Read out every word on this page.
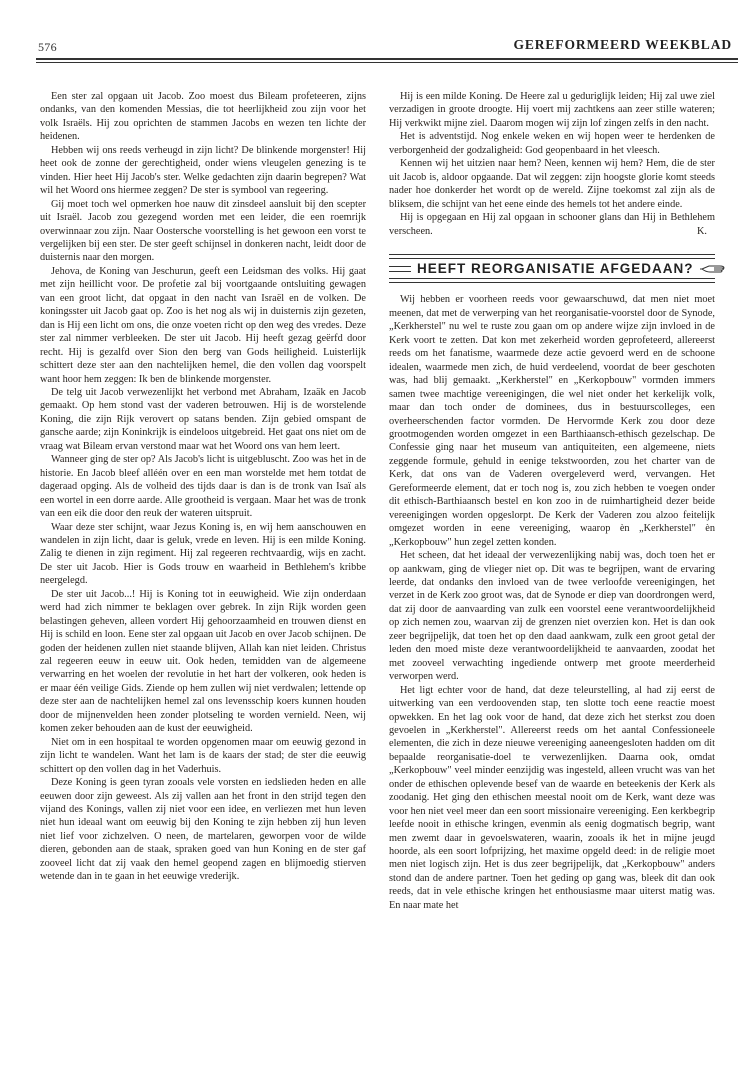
576	GEREFORMEERD WEEKBLAD

Een ster zal opgaan uit Jacob. Zoo moest dus Bileam profeteeren, zijns ondanks, van den komenden Messias, die tot heerlijkheid zou zijn voor het volk Israëls. Hij zou oprichten de stammen Jacobs en wezen ten lichte der heidenen.

Hebben wij ons reeds verheugd in zijn licht? De blinkende morgenster! Hij heet ook de zonne der gerechtigheid, onder wiens vleugelen genezing is te vinden. Hier heet Hij Jacob's ster. Welke gedachten zijn daarin begrepen? Wat wil het Woord ons hiermee zeggen? De ster is symbool van regeering.

Gij moet toch wel opmerken hoe nauw dit zinsdeel aansluit bij den scepter uit Israël. Jacob zou gezegend worden met een leider, die een roemrijk overwinnaar zou zijn. Naar Oostersche voorstelling is het gewoon een vorst te vergelijken bij een ster. De ster geeft schijnsel in donkeren nacht, leidt door de duisternis naar den morgen.

Jehova, de Koning van Jeschurun, geeft een Leidsman des volks. Hij gaat met zijn heillicht voor. De profetie zal bij voortgaande ontsluiting gewagen van een groot licht, dat opgaat in den nacht van Israël en de volken. De koningsster uit Jacob gaat op. Zoo is het nog als wij in duisternis zijn gezeten, dan is Hij een licht om ons, die onze voeten richt op den weg des vredes. Deze ster zal nimmer verbleeken. De ster uit Jacob. Hij heeft gezag geërfd door recht. Hij is gezalfd over Sion den berg van Gods heiligheid. Luisterlijk schittert deze ster aan den nachtelijken hemel, die den vollen dag voorspelt want hoor hem zeggen: Ik ben de blinkende morgenster.

De telg uit Jacob verwezenlijkt het verbond met Abraham, Izaäk en Jacob gemaakt. Op hem stond vast der vaderen betrouwen. Hij is de worstelende Koning, die zijn Rijk verovert op satans benden. Zijn gebied omspant de gansche aarde; zijn Koninkrijk is eindeloos uitgebreid. Het gaat ons niet om de vraag wat Bileam ervan verstond maar wat het Woord ons van hem leert.

Wanneer ging de ster op? Als Jacob's licht is uitgebluscht. Zoo was het in de historie. En Jacob bleef alléén over en een man worstelde met hem totdat de dageraad opging. Als de volheid des tijds daar is dan is de tronk van Isaï als een wortel in een dorre aarde. Alle grootheid is vergaan. Maar het was de tronk van een eik die door den reuk der wateren uitspruit.

Waar deze ster schijnt, waar Jezus Koning is, en wij hem aanschouwen en wandelen in zijn licht, daar is geluk, vrede en leven. Hij is een milde Koning. Zalig te dienen in zijn regiment. Hij zal regeeren rechtvaardig, wijs en zacht. De ster uit Jacob. Hier is Gods trouw en waarheid in Bethlehem's kribbe neergelegd.

De ster uit Jacob...! Hij is Koning tot in eeuwigheid. Wie zijn onderdaan werd had zich nimmer te beklagen over gebrek. In zijn Rijk worden geen belastingen geheven, alleen vordert Hij gehoorzaamheid en trouwen dienst en Hij is schild en loon. Eene ster zal opgaan uit Jacob en over Jacob schijnen. De goden der heidenen zullen niet staande blijven, Allah kan niet leiden. Christus zal regeeren eeuw in eeuw uit. Ook heden, temidden van de algemeene verwarring en het woelen der revolutie in het hart der volkeren, ook heden is er maar één veilige Gids. Ziende op hem zullen wij niet verdwalen; lettende op deze ster aan de nachtelijken hemel zal ons levensschip koers kunnen houden door de mijnenvelden heen zonder plotseling te worden vernield. Neen, wij komen zeker behouden aan de kust der eeuwigheid.

Niet om in een hospitaal te worden opgenomen maar om eeuwig gezond in zijn licht te wandelen. Want het lam is de kaars der stad; de ster die eeuwig schittert op den vollen dag in het Vaderhuis.

Deze Koning is geen tyran zooals vele vorsten en iedslieden heden en alle eeuwen door zijn geweest. Als zij vallen aan het front in den strijd tegen den vijand des Konings, vallen zij niet voor een idee, en verliezen met hun leven niet hun ideaal want om eeuwig bij den Koning te zijn hebben zij hun leven niet lief voor zichzelven. O neen, de martelaren, geworpen voor de wilde dieren, gebonden aan de staak, spraken goed van hun Koning en de ster gaf zooveel licht dat zij vaak den hemel geopend zagen en blijmoedig stierven wetende dan in te gaan in het eeuwige vrederijk.

Hij is een milde Koning. De Heere zal u geduriglijk leiden; Hij zal uwe ziel verzadigen in groote droogte. Hij voert mij zachtkens aan zeer stille wateren; Hij verkwikt mijne ziel. Daarom mogen wij zijn lof zingen zelfs in den nacht.

Het is adventstijd. Nog enkele weken en wij hopen weer te herdenken de verborgenheid der godzaligheid: God geopenbaard in het vleesch.

Kennen wij het uitzien naar hem? Neen, kennen wij hem? Hem, die de ster uit Jacob is, aldoor opgaande. Dat wil zeggen: zijn hoogste glorie komt steeds nader hoe donkerder het wordt op de wereld. Zijne toekomst zal zijn als de bliksem, die schijnt van het eene einde des hemels tot het andere einde.

Hij is opgegaan en Hij zal opgaan in schooner glans dan Hij in Bethlehem verscheen.	K.

HEEFT REORGANISATIE AFGEDAAN?

Wij hebben er voorheen reeds voor gewaarschuwd, dat men niet moet meenen, dat met de verwerping van het reorganisatie-voorstel door de Synode, „Kerkherstel" nu wel te ruste zou gaan om op andere wijze zijn invloed in de Kerk voort te zetten. Dat kon met zekerheid worden geprofeteerd, allereerst reeds om het fanatisme, waarmede deze actie gevoerd werd en de schoone idealen, waarmede men zich, de huid verdeelend, voordat de beer geschoten was, had blij gemaakt. „Kerkherstel" en „Kerkopbouw" vormden immers samen twee machtige vereenigingen, die wel niet onder het kerkelijk volk, maar dan toch onder de dominees, dus in bestuurscolleges, een overheerschenden factor vormden. De Hervormde Kerk zou door deze grootmogenden worden omgezet in een Barthiaansch-ethisch gezelschap. De Confessie ging naar het museum van antiquiteiten, een algemeene, niets zeggende formule, gehuld in eenige tekstwoorden, zou het charter van de Kerk, dat ons van de Vaderen overgeleverd werd, vervangen. Het Gereformeerde element, dat er toch nog is, zou zich hebben te voegen onder dit ethisch-Barthiaansch bestel en kon zoo in de ruimhartigheid dezer beide vereenigingen worden opgeslorpt. De Kerk der Vaderen zou alzoo feitelijk omgezet worden in eene vereeniging, waarop èn „Kerkherstel" èn „Kerkopbouw" hun zegel zetten konden.

Het scheen, dat het ideaal der verwezenlijking nabij was, doch toen het er op aankwam, ging de vlieger niet op. Dit was te begrijpen, want de ervaring leerde, dat ondanks den invloed van de twee verloofde vereenigingen, het verzet in de Kerk zoo groot was, dat de Synode er diep van doordrongen werd, dat zij door de aanvaarding van zulk een voorstel eene verantwoordelijkheid op zich nemen zou, waarvan zij de grenzen niet overzien kon. Het is dan ook zeer begrijpelijk, dat toen het op den daad aankwam, zulk een groot getal der leden den moed miste deze verantwoordelijkheid te aanvaarden, zoodat het met zooveel verwachting ingediende ontwerp met groote meerderheid verworpen werd.

Het ligt echter voor de hand, dat deze teleurstelling, al had zij eerst de uitwerking van een verdoovenden stap, ten slotte toch eene reactie moest opwekken. En het lag ook voor de hand, dat deze zich het sterkst zou doen gevoelen in „Kerkherstel". Allereerst reeds om het aantal Confessioneele elementen, die zich in deze nieuwe vereeniging aaneengesloten hadden om dit bepaalde reorganisatie-doel te verwezenlijken. Daarna ook, omdat „Kerkopbouw" veel minder eenzijdig was ingesteld, alleen vrucht was van het onder de ethischen oplevende besef van de waarde en beteekenis der Kerk als zoodanig. Het ging den ethischen meestal nooit om de Kerk, want deze was voor hen niet veel meer dan een soort missionaire vereeniging. Een kerkbegrip leefde nooit in ethische kringen, evenmin als eenig dogmatisch begrip, want men zwemt daar in gevoelswateren, waarin, zooals ik het in mijne jeugd hoorde, als een soort lofprijzing, het maxime opgeld deed: in de religie moet men niet logisch zijn. Het is dus zeer begrijpelijk, dat „Kerkopbouw" anders stond dan de andere partner. Toen het geding op gang was, bleek dit dan ook reeds, dat in vele ethische kringen het enthousiasme maar uiterst matig was. En naar mate het
